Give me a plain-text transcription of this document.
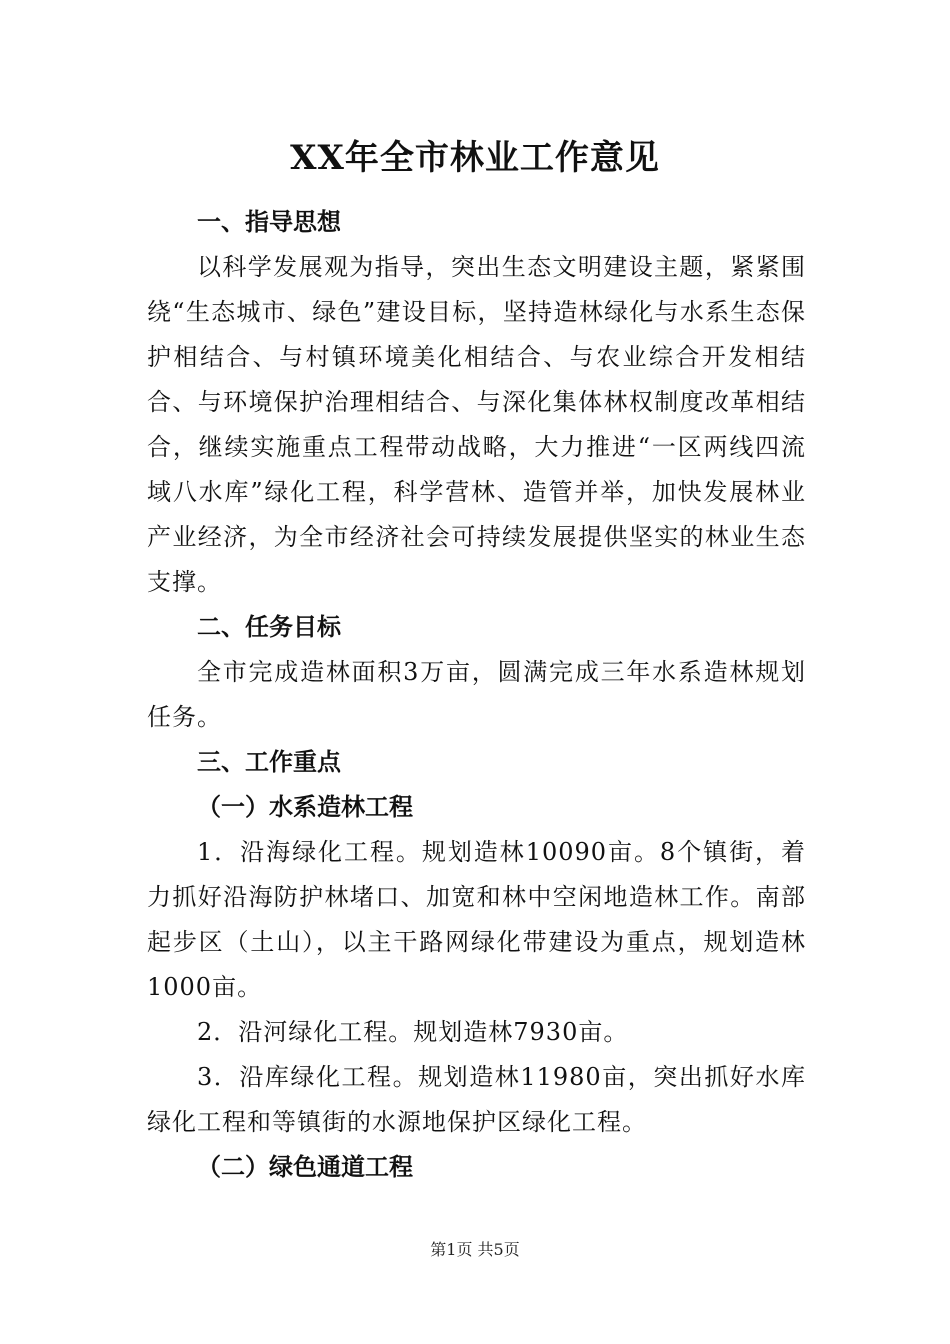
XX年全市林业工作意见
一、指导思想
以科学发展观为指导，突出生态文明建设主题，紧紧围绕“生态城市、绿色”建设目标，坚持造林绿化与水系生态保护相结合、与村镇环境美化相结合、与农业综合开发相结合、与环境保护治理相结合、与深化集体林权制度改革相结合，继续实施重点工程带动战略，大力推进“一区两线四流域八水库”绿化工程，科学营林、造管并举，加快发展林业产业经济，为全市经济社会可持续发展提供坚实的林业生态支撑。
二、任务目标
全市完成造林面积3万亩，圆满完成三年水系造林规划任务。
三、工作重点
（一）水系造林工程
1．沿海绿化工程。规划造林10090亩。8个镇街，着力抓好沿海防护林堵口、加宽和林中空闲地造林工作。南部起步区（土山），以主干路网绿化带建设为重点，规划造林1000亩。
2．沿河绿化工程。规划造林7930亩。
3．沿库绿化工程。规划造林11980亩，突出抓好水库绿化工程和等镇街的水源地保护区绿化工程。
（二）绿色通道工程
第1页 共5页
